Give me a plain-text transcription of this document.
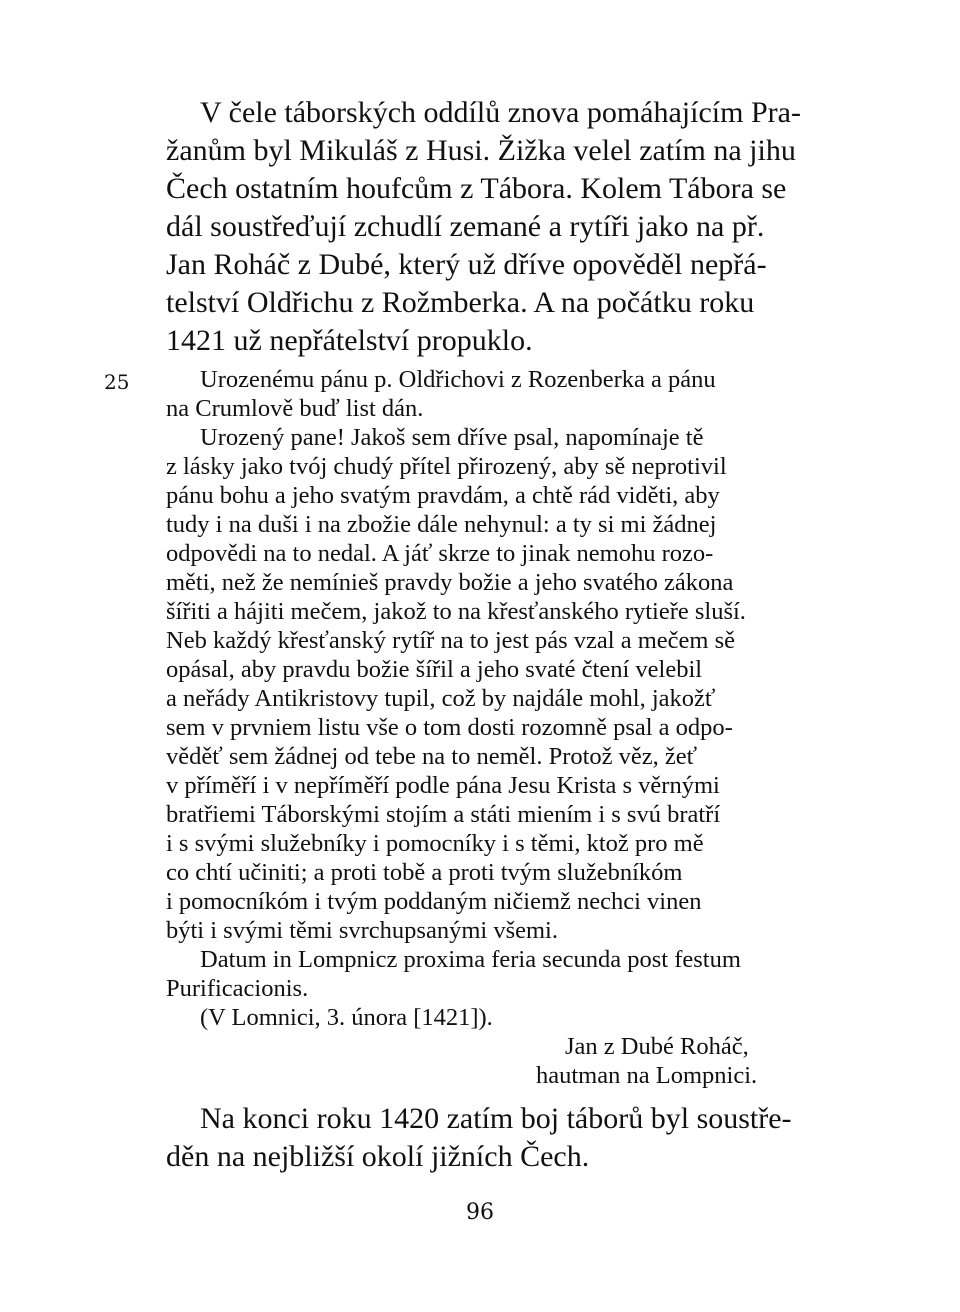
V čele táborských oddílů znova pomáhajícím Pra-
žanům byl Mikuláš z Husi. Žižka velel zatím na jihu
Čech ostatním houfcům z Tábora. Kolem Tábora se
dál soustřeďují zchudlí zemané a rytíři jako na př.
Jan Roháč z Dubé, který už dříve opověděl nepřá-
telství Oldřichu z Rožmberka. A na počátku roku
1421 už nepřátelství propuklo.
25	Urozenému pánu p. Oldřichovi z Rozenberka a pánu
na Crumlově buď list dán.
Urozený pane! Jakoš sem dříve psal, napomínaje tě
z lásky jako tvój chudý přítel přirozený, aby sě neprotivil
pánu bohu a jeho svatým pravdám, a chtě rád viděti, aby
tudy i na duši i na zbožie dále nehynul: a ty si mi žádnej
odpovědi na to nedal. A jáť skrze to jinak nemohu rozo-
měti, než že nemínieš pravdy božie a jeho svatého zákona
šířiti a hájiti mečem, jakož to na křesťanského rytieře sluší.
Neb každý křesťanský rytíř na to jest pás vzal a mečem sě
opásal, aby pravdu božie šířil a jeho svaté čtení velebil
a neřády Antikristovy tupil, což by najdále mohl, jakožť
sem v prvniem listu vše o tom dosti rozomně psal a odpo-
věděť sem žádnej od tebe na to neměl. Protož věz, žeť
v příměří i v nepříměří podle pána Jesu Krista s věrnými
bratřiemi Táborskými stojím a státi miením i s svú bratří
i s svými služebníky i pomocníky i s těmi, ktož pro mě
co chtí učiniti; a proti tobě a proti tvým služebníkóm
i pomocníkóm i tvým poddaným ničiemž nechci vinen
býti i svými těmi svrchupsanými všemi.
Datum in Lompnicz proxima feria secunda post festum
Purificacionis.
(V Lomnici, 3. února [1421]).
Jan z Dubé Roháč,
hautman na Lompnici.
Na konci roku 1420 zatím boj táborů byl soustře-
děn na nejbližší okolí jižních Čech.
96
